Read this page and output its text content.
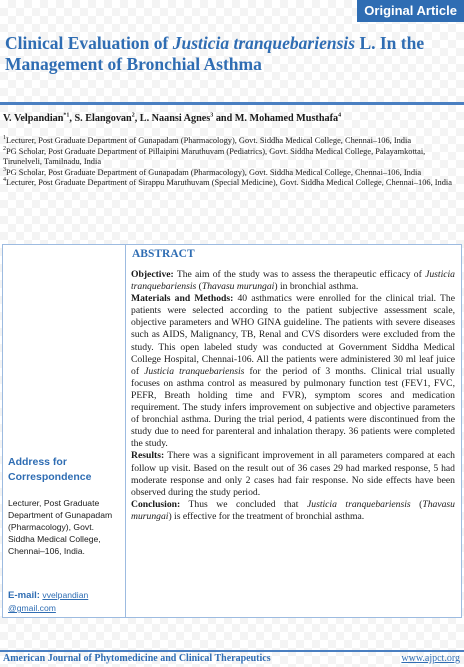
Original Article
Clinical Evaluation of Justicia tranquebariensis L. In the Management of Bronchial Asthma
V. Velpandian$^{*1}$, S. Elangovan$^2$, L. Naansi Agnes$^3$ and M. Mohamed Musthafa$^4$

$^1$Lecturer, Post Graduate Department of Gunapadam (Pharmacology), Govt. Siddha Medical College, Chennai–106, India

$^2$PG Scholar, Post Graduate Department of Pillaipini Maruthuvam (Pediatrics), Govt. Siddha Medical College, Palayamkottai, Tirunelveli, Tamilnadu, India

$^3$PG Scholar, Post Graduate Department of Gunapadam (Pharmacology), Govt. Siddha Medical College, Chennai–106, India

$^4$Lecturer, Post Graduate Department of Sirappu Maruthuvam (Special Medicine), Govt. Siddha Medical College, Chennai–106, India

Address for Correspondence
Lecturer, Post Graduate Department of Gunapadam (Pharmacology), Govt. Siddha Medical College, Chennai–106, India.
E-mail: vvelpandian @gmail.com
ABSTRACT

Objective: The aim of the study was to assess the therapeutic efficacy of Justicia tranquebariensis (Thavasu murungai) in bronchial asthma.

Materials and Methods: 40 asthmatics were enrolled for the clinical trial. The patients were selected according to the patient subjective assessment scale, objective parameters and WHO GINA guideline. The patients with severe diseases such as AIDS, Malignancy, TB, Renal and CVS disorders were excluded from the study. This open labeled study was conducted at Government Siddha Medical College Hospital, Chennai-106. All the patients were administered 30 ml leaf juice of Justicia tranquebariensis for the period of 3 months. Clinical trial usually focuses on asthma control as measured by pulmonary function test (FEV1, FVC, PEFR, Breath holding time and FVR), symptom scores and medication requirement. The study infers improvement on subjective and objective parameters of bronchial asthma. During the trial period, 4 patients were discontinued from the study due to need for parenteral and inhalation therapy. 36 patients were completed the study.

Results: There was a significant improvement in all parameters compared at each follow up visit. Based on the result out of 36 cases 29 had marked response, 5 had moderate response and only 2 cases had fair response. No side effects have been observed during the study period.

Conclusion: Thus we concluded that Justicia tranquebariensis (Thavasu murungai) is effective for the treatment of bronchial asthma.

American Journal of Phytomedicine and Clinical Therapeutics	www.ajpct.org
